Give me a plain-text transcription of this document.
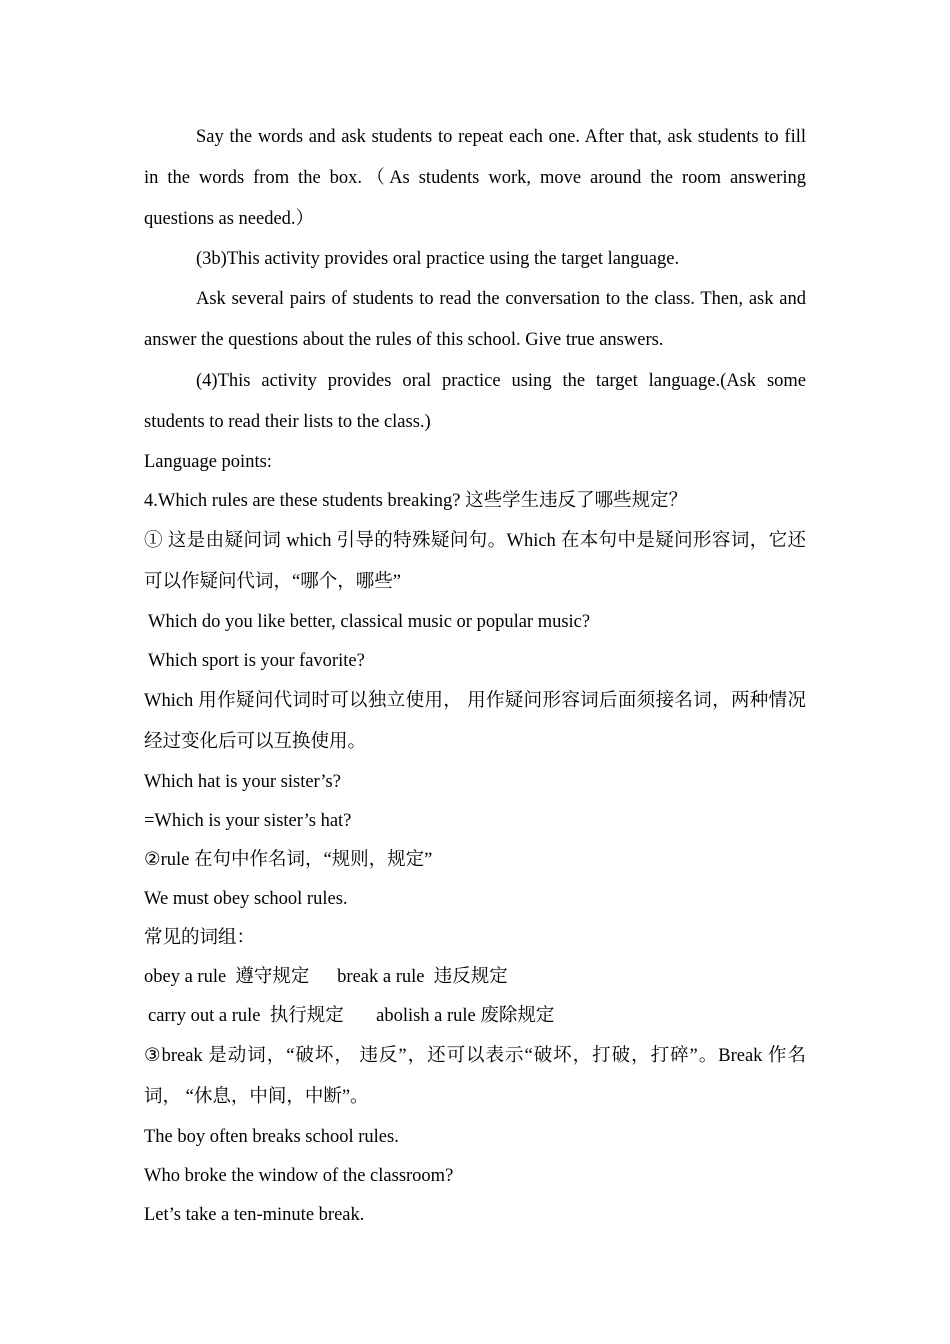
Say the words and ask students to repeat each one. After that, ask students to fill in the words from the box.（As students work, move around the room answering questions as needed.）

(3b)This activity provides oral practice using the target language.

Ask several pairs of students to read the conversation to the class. Then, ask and answer the questions about the rules of this school. Give true answers.

(4)This activity provides oral practice using the target language.(Ask some students to read their lists to the class.)

Language points:

4.Which rules are these students breaking? 这些学生违反了哪些规定？

① 这是由疑问词 which 引导的特殊疑问句。Which 在本句中是疑问形容词，它还可以作疑问代词，“哪个，哪些”

Which do you like better, classical music or popular music?

Which sport is your favorite?

Which 用作疑问代词时可以独立使用， 用作疑问形容词后面须接名词，两种情况经过变化后可以互换使用。

Which hat is your sister’s?

=Which is your sister’s hat?

②rule 在句中作名词，“规则，规定”

We must obey school rules.

常见的词组：

obey a rule  遵守规定      break a rule  违反规定

carry out a rule  执行规定       abolish a rule 废除规定

③break 是动词，“破坏， 违反”，还可以表示“破坏，打破，打碎”。Break 作名词， “休息，中间，中断”。

The boy often breaks school rules.

Who broke the window of the classroom?

Let’s take a ten-minute break.
